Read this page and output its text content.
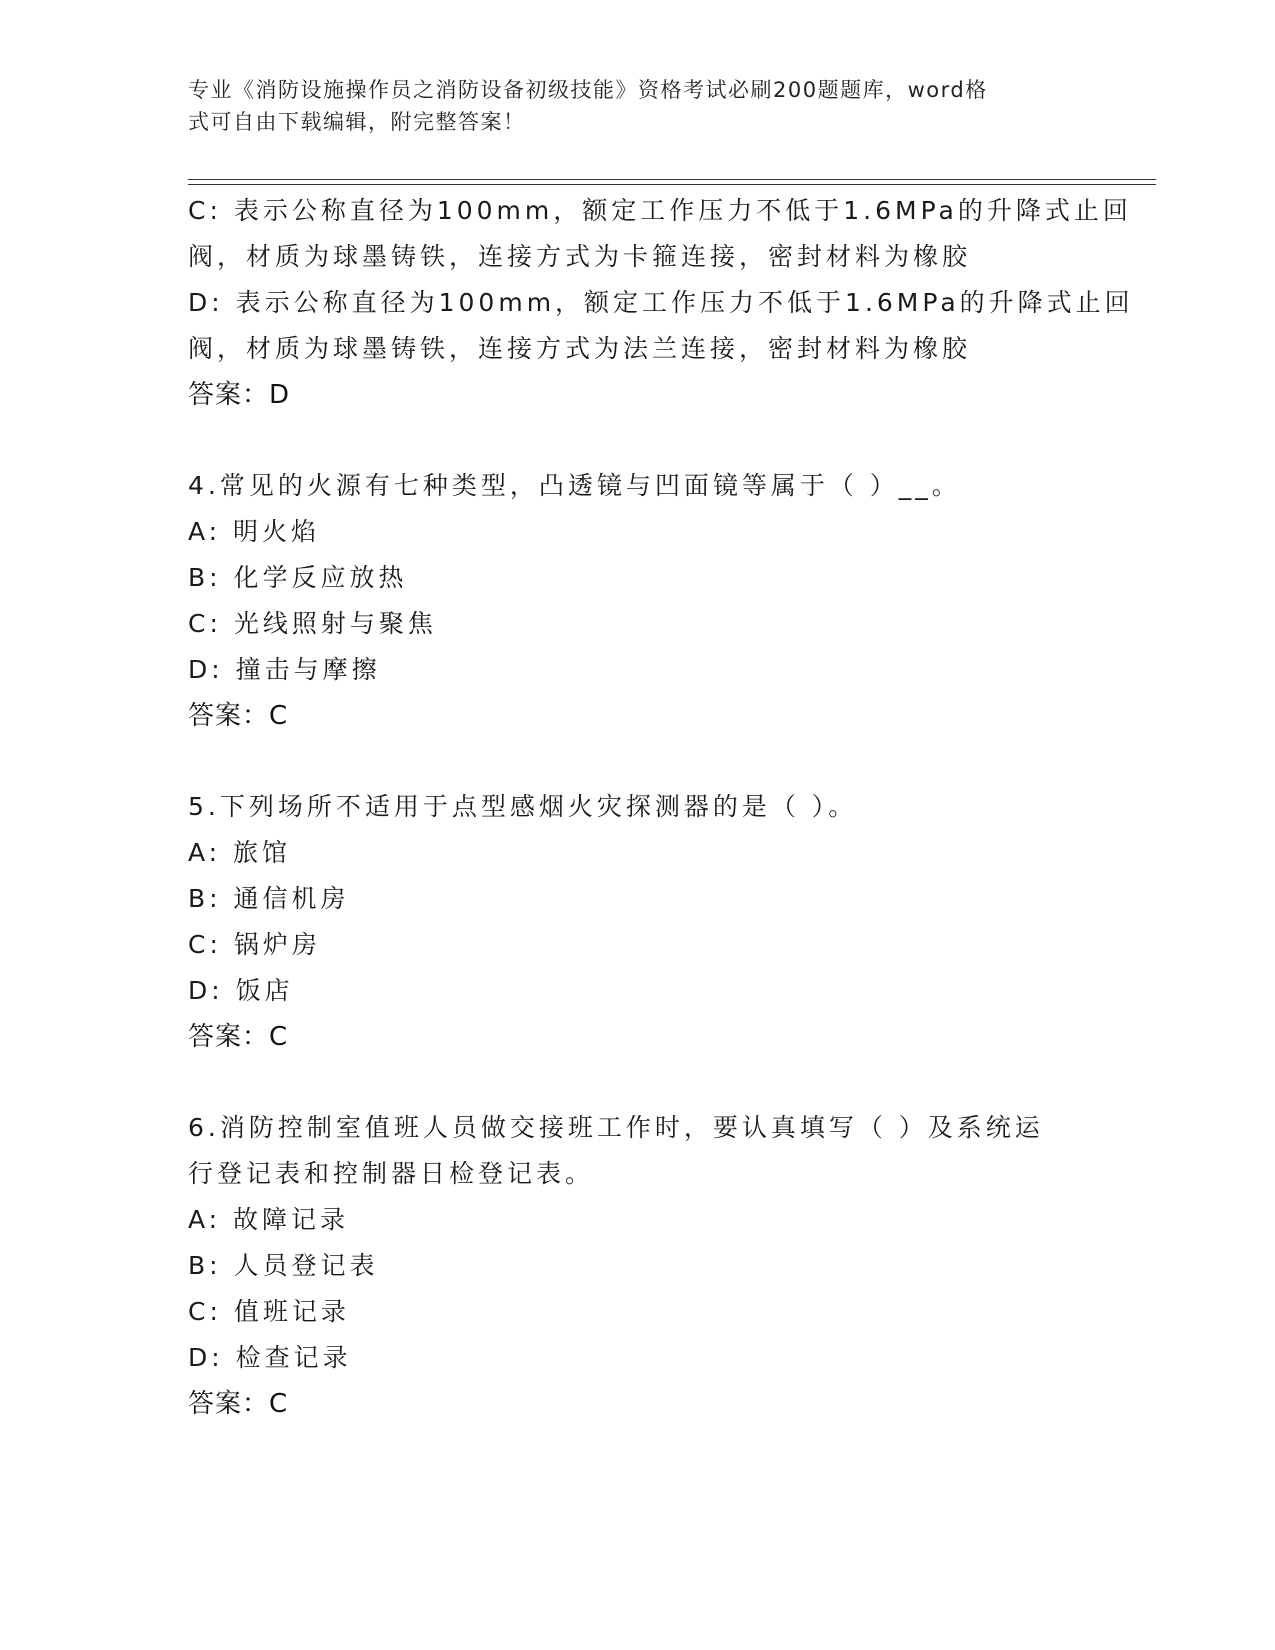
专业《消防设施操作员之消防设备初级技能》资格考试必刷200题题库，word格
式可自由下载编辑，附完整答案！
C: 表示公称直径为100mm，额定工作压力不低于1.6MPa的升降式止回
阀，材质为球墨铸铁，连接方式为卡箍连接，密封材料为橡胶
D: 表示公称直径为100mm，额定工作压力不低于1.6MPa的升降式止回
阀，材质为球墨铸铁，连接方式为法兰连接，密封材料为橡胶
答案：D
4.常见的火源有七种类型，凸透镜与凹面镜等属于（ ）__。
A: 明火焰
B: 化学反应放热
C: 光线照射与聚焦
D: 撞击与摩擦
答案：C
5.下列场所不适用于点型感烟火灾探测器的是（ ）。
A: 旅馆
B: 通信机房
C: 锅炉房
D: 饭店
答案：C
6.消防控制室值班人员做交接班工作时，要认真填写（ ）及系统运
行登记表和控制器日检登记表。
A: 故障记录
B: 人员登记表
C: 值班记录
D: 检查记录
答案：C
